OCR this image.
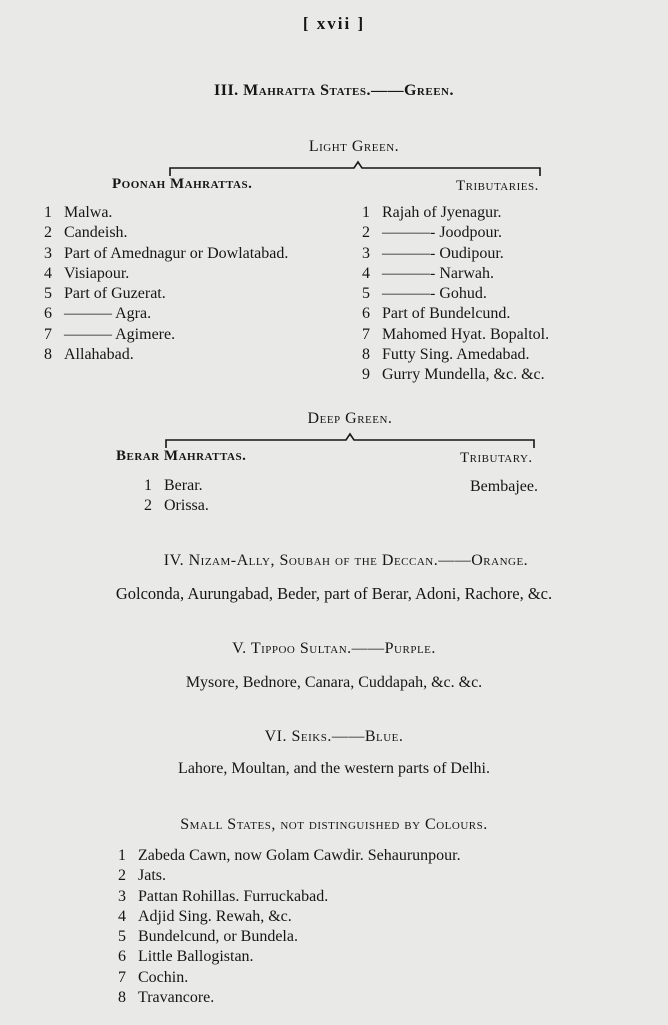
[ xvii ]
III. Mahratta States.——Green.
Light Green.
Poonah Mahrattas.	Tributaries.
1 Malwa.
2 Candeish.
3 Part of Amednagur or Dowlatabad.
4 Visiapour.
5 Part of Guzerat.
6 ——— Agra.
7 ——— Agimere.
8 Allahabad.
1 Rajah of Jyenagur.
2 ———- Joodpour.
3 ———- Oudipour.
4 ———- Narwah.
5 ———- Gohud.
6 Part of Bundelcund.
7 Mahomed Hyat. Bopaltol.
8 Futty Sing. Amedabad.
9 Gurry Mundella, &c. &c.
Deep Green.
Berar Mahrattas.	Tributary.
1 Berar.
2 Orissa.
Bembajee.
IV. Nizam-Ally, Soubah of the Deccan.——Orange.
Golconda, Aurungabad, Beder, part of Berar, Adoni, Rachore, &c.
V. Tippoo Sultan.——Purple.
Mysore, Bednore, Canara, Cuddapah, &c. &c.
VI. Seiks.——Blue.
Lahore, Moultan, and the western parts of Delhi.
Small States, not distinguished by Colours.
1 Zabeda Cawn, now Golam Cawdir. Sehaurunpour.
2 Jats.
3 Pattan Rohillas. Furruckabad.
4 Adjid Sing. Rewah, &c.
5 Bundelcund, or Bundela.
6 Little Ballogistan.
7 Cochin.
8 Travancore.
